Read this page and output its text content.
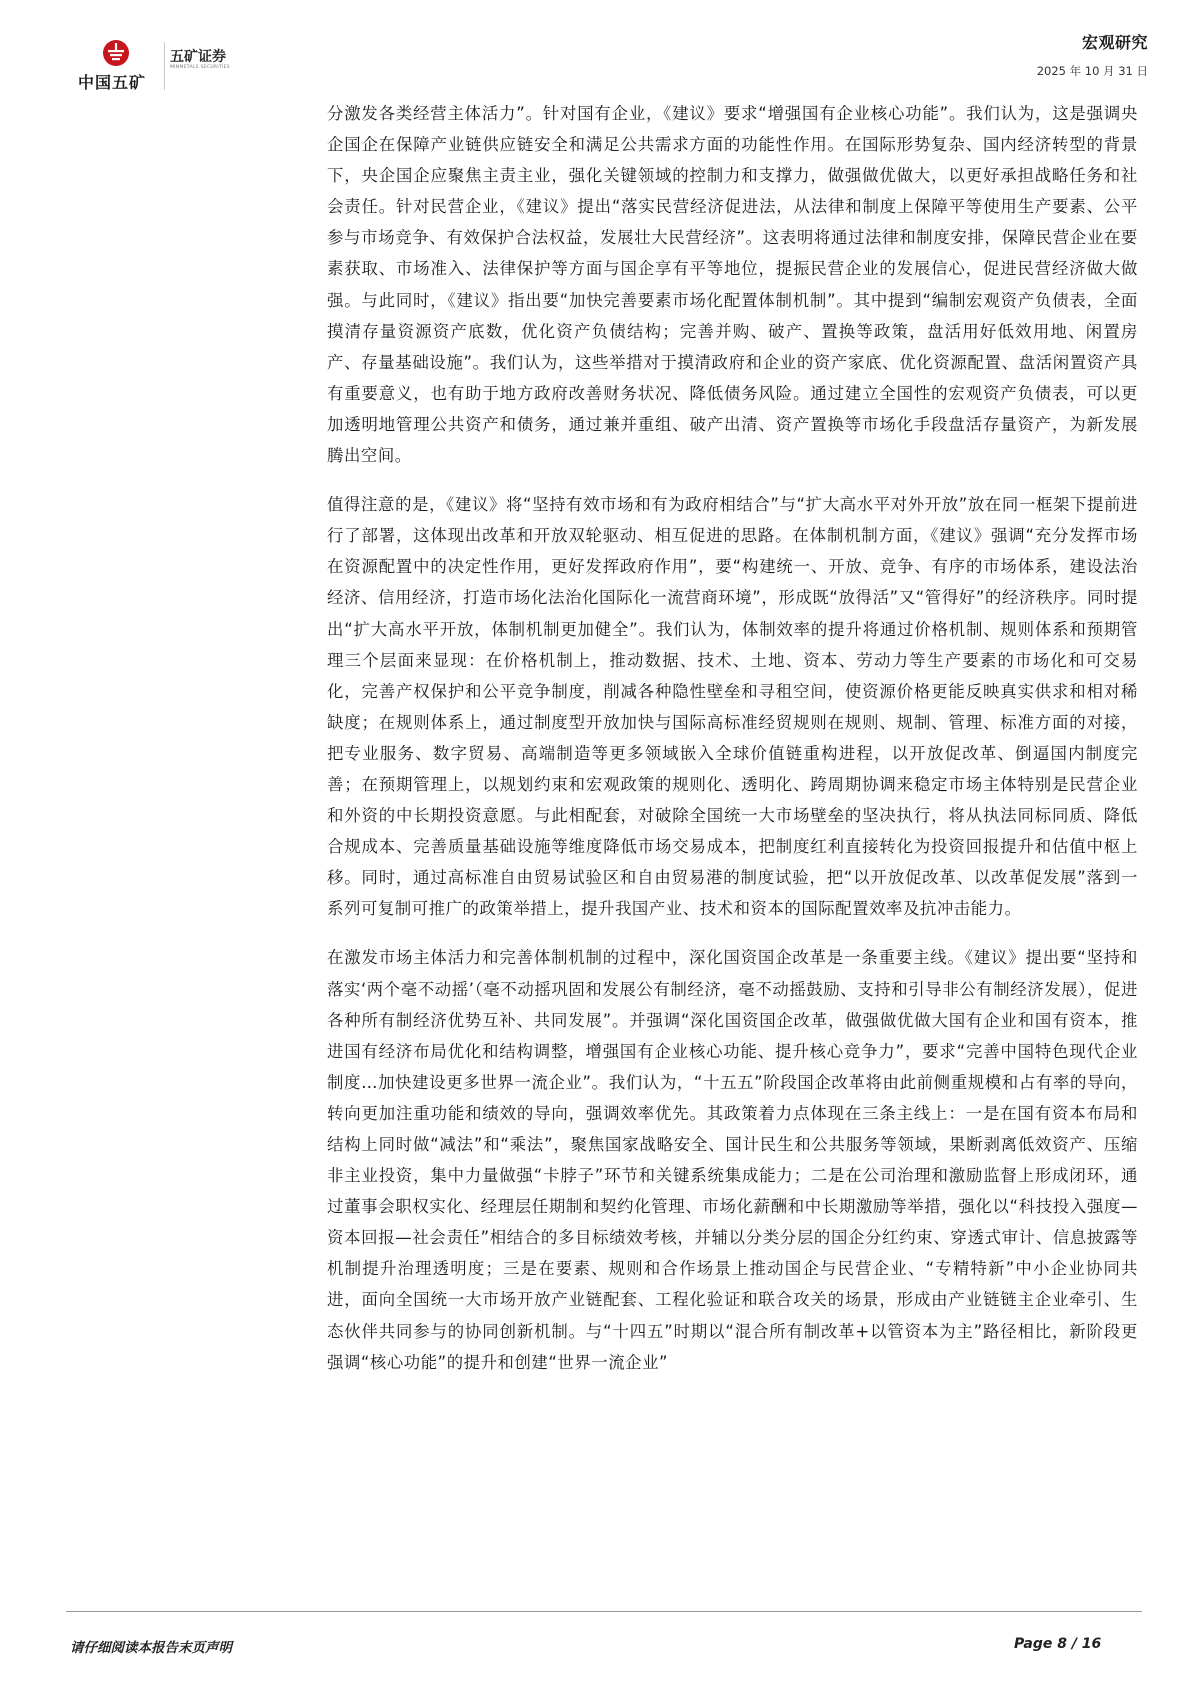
中国五矿
五矿证券
MINMETALS SECURITIES
宏观研究
2025 年 10 月 31 日

分激发各类经营主体活力”。针对国有企业，《建议》要求“增强国有企业核心功能”。我们认为，这是强调央企国企在保障产业链供应链安全和满足公共需求方面的功能性作用。在国际形势复杂、国内经济转型的背景下，央企国企应聚焦主责主业，强化关键领域的控制力和支撑力，做强做优做大，以更好承担战略任务和社会责任。针对民营企业，《建议》提出“落实民营经济促进法，从法律和制度上保障平等使用生产要素、公平参与市场竞争、有效保护合法权益，发展壮大民营经济”。这表明将通过法律和制度安排，保障民营企业在要素获取、市场准入、法律保护等方面与国企享有平等地位，提振民营企业的发展信心，促进民营经济做大做强。与此同时，《建议》指出要“加快完善要素市场化配置体制机制”。其中提到“编制宏观资产负债表，全面摸清存量资源资产底数，优化资产负债结构；完善并购、破产、置换等政策，盘活用好低效用地、闲置房产、存量基础设施”。我们认为，这些举措对于摸清政府和企业的资产家底、优化资源配置、盘活闲置资产具有重要意义，也有助于地方政府改善财务状况、降低债务风险。通过建立全国性的宏观资产负债表，可以更加透明地管理公共资产和债务，通过兼并重组、破产出清、资产置换等市场化手段盘活存量资产，为新发展腾出空间。

值得注意的是，《建议》将“坚持有效市场和有为政府相结合”与“扩大高水平对外开放”放在同一框架下提前进行了部署，这体现出改革和开放双轮驱动、相互促进的思路。在体制机制方面，《建议》强调“充分发挥市场在资源配置中的决定性作用，更好发挥政府作用”，要“构建统一、开放、竞争、有序的市场体系，建设法治经济、信用经济，打造市场化法治化国际化一流营商环境”，形成既“放得活”又“管得好”的经济秩序。同时提出“扩大高水平开放，体制机制更加健全”。我们认为，体制效率的提升将通过价格机制、规则体系和预期管理三个层面来显现：在价格机制上，推动数据、技术、土地、资本、劳动力等生产要素的市场化和可交易化，完善产权保护和公平竞争制度，削减各种隐性壁垒和寻租空间，使资源价格更能反映真实供求和相对稀缺度；在规则体系上，通过制度型开放加快与国际高标准经贸规则在规则、规制、管理、标准方面的对接，把专业服务、数字贸易、高端制造等更多领域嵌入全球价值链重构进程，以开放促改革、倒逼国内制度完善；在预期管理上，以规划约束和宏观政策的规则化、透明化、跨周期协调来稳定市场主体特别是民营企业和外资的中长期投资意愿。与此相配套，对破除全国统一大市场壁垒的坚决执行，将从执法同标同质、降低合规成本、完善质量基础设施等维度降低市场交易成本，把制度红利直接转化为投资回报提升和估值中枢上移。同时，通过高标准自由贸易试验区和自由贸易港的制度试验，把“以开放促改革、以改革促发展”落到一系列可复制可推广的政策举措上，提升我国产业、技术和资本的国际配置效率及抗冲击能力。

在激发市场主体活力和完善体制机制的过程中，深化国资国企改革是一条重要主线。《建议》提出要“坚持和落实‘两个毫不动摇’（毫不动摇巩固和发展公有制经济，毫不动摇鼓励、支持和引导非公有制经济发展），促进各种所有制经济优势互补、共同发展”。并强调“深化国资国企改革，做强做优做大国有企业和国有资本，推进国有经济布局优化和结构调整，增强国有企业核心功能、提升核心竞争力”，要求“完善中国特色现代企业制度…加快建设更多世界一流企业”。我们认为，“十五五”阶段国企改革将由此前侧重规模和占有率的导向，转向更加注重功能和绩效的导向，强调效率优先。其政策着力点体现在三条主线上：一是在国有资本布局和结构上同时做“减法”和“乘法”，聚焦国家战略安全、国计民生和公共服务等领域，果断剥离低效资产、压缩非主业投资，集中力量做强“卡脖子”环节和关键系统集成能力；二是在公司治理和激励监督上形成闭环，通过董事会职权实化、经理层任期制和契约化管理、市场化薪酬和中长期激励等举措，强化以“科技投入强度—资本回报—社会责任”相结合的多目标绩效考核，并辅以分类分层的国企分红约束、穿透式审计、信息披露等机制提升治理透明度；三是在要素、规则和合作场景上推动国企与民营企业、“专精特新”中小企业协同共进，面向全国统一大市场开放产业链配套、工程化验证和联合攻关的场景，形成由产业链链主企业牵引、生态伙伴共同参与的协同创新机制。与“十四五”时期以“混合所有制改革+以管资本为主”路径相比，新阶段更强调“核心功能”的提升和创建“世界一流企业”

请仔细阅读本报告末页声明	Page 8 / 16
